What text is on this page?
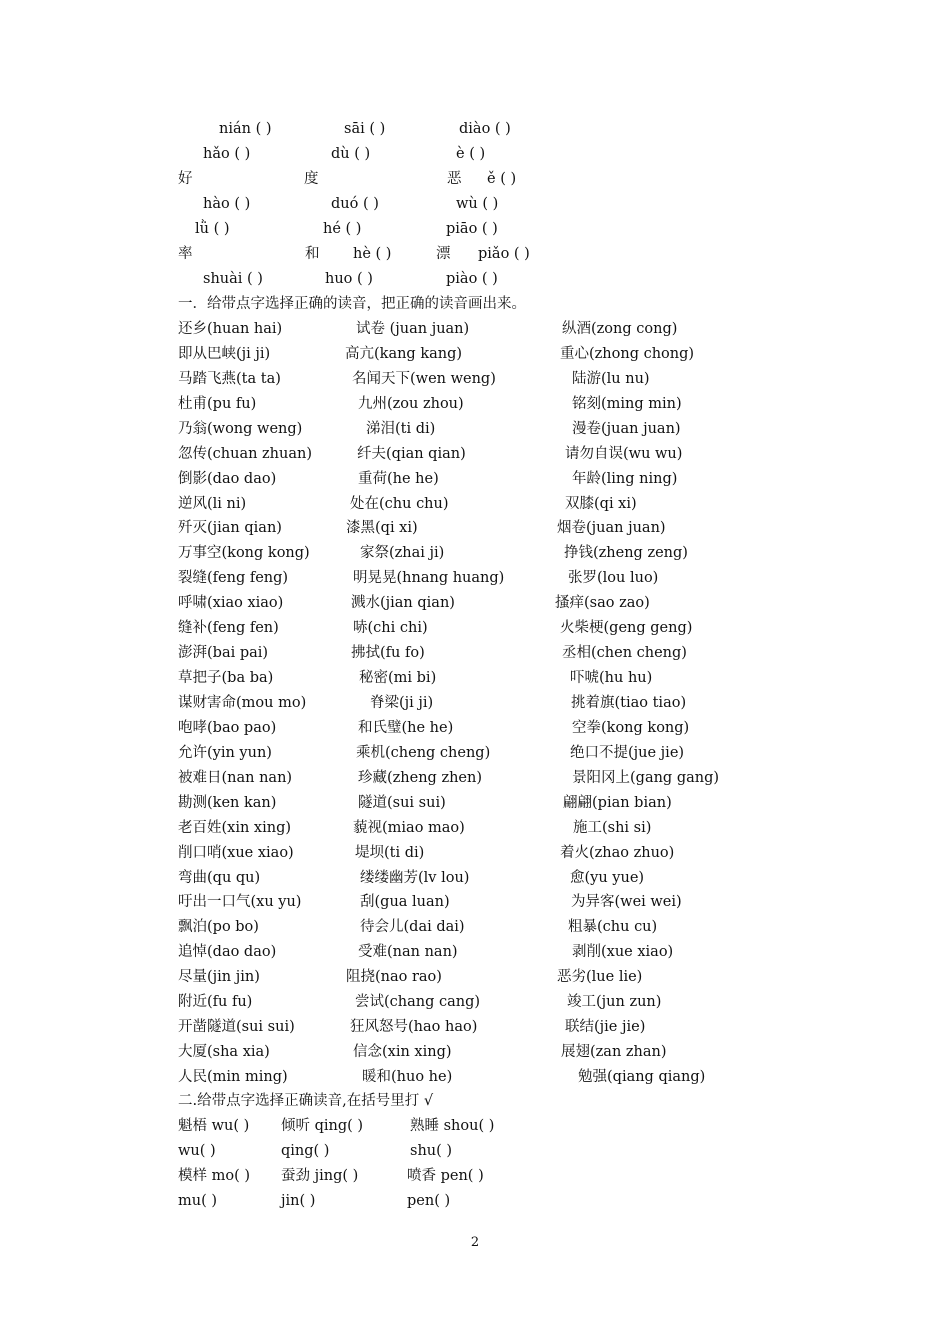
nián ( )	sāi ( )	diào ( )
hǎo ( )	dù ( )	è ( )
好	度	恶 ě ( )
hào ( )	duó ( )	wù ( )
lǜ ( )	hé ( )	piāo ( )
率	和 hè ( )	漂 piǎo ( )
shuài ( )	huo ( )	piào ( )
一．给带点字选择正确的读音，把正确的读音画出来。
还乡(huan hai)	试卷 (juan juan)	纵酒(zong cong)
即从巴峡(ji ji)	高亢(kang kang)	重心(zhong chong)
马踏飞燕(ta ta)	名闻天下(wen weng)	陆游(lu nu)
杜甫(pu fu)	九州(zou zhou)	铭刻(ming min)
乃翁(wong weng)	涕泪(ti di)	漫卷(juan juan)
忽传(chuan zhuan)	纤夫(qian qian)	请勿自误(wu wu)
倒影(dao dao)	重荷(he he)	年龄(ling ning)
逆风(li ni)	处在(chu chu)	双膝(qi xi)
歼灭(jian qian)	漆黑(qi xi)	烟卷(juan juan)
万事空(kong kong)	家祭(zhai ji)	挣钱(zheng zeng)
裂缝(feng feng)	明晃晃(hnang huang)	张罗(lou luo)
呼啸(xiao xiao)	溅水(jian qian)	搔痒(sao zao)
缝补(feng fen)	哧(chi chi)	火柴梗(geng geng)
澎湃(bai pai)	拂拭(fu fo)	丞相(chen cheng)
草把子(ba ba)	秘密(mi bi)	吓唬(hu hu)
谋财害命(mou mo)	脊梁(ji ji)	挑着旗(tiao tiao)
咆哮(bao pao)	和氏璧(he he)	空拳(kong kong)
允许(yin yun)	乘机(cheng cheng)	绝口不提(jue jie)
被难日(nan nan)	珍藏(zheng zhen)	景阳冈上(gang gang)
勘测(ken kan)	隧道(sui sui)	翩翩(pian bian)
老百姓(xin xing)	藐视(miao mao)	施工(shi si)
削口哨(xue xiao)	堤坝(ti di)	着火(zhao zhuo)
弯曲(qu qu)	缕缕幽芳(lv lou)	愈(yu yue)
吁出一口气(xu yu)	刮(gua luan)	为异客(wei wei)
飘泊(po bo)	待会儿(dai dai)	粗暴(chu cu)
追悼(dao dao)	受难(nan nan)	剥削(xue xiao)
尽量(jin jin)	阻挠(nao rao)	恶劣(lue lie)
附近(fu fu)	尝试(chang cang)	竣工(jun zun)
开凿隧道(sui sui)	狂风怒号(hao hao)	联结(jie jie)
大厦(sha xia)	信念(xin xing)	展翅(zan zhan)
人民(min ming)	暖和(huo he)	勉强(qiang qiang)
二.给带点字选择正确读音,在括号里打 √
魁梧 wu( ) 倾听 qing( )	熟睡 shou( )
wu( )	qing( )	shu( )
模样 mo( ) 蚕劲 jing( )	喷香 pen( )
mu( )	jin( )	pen( )
2
